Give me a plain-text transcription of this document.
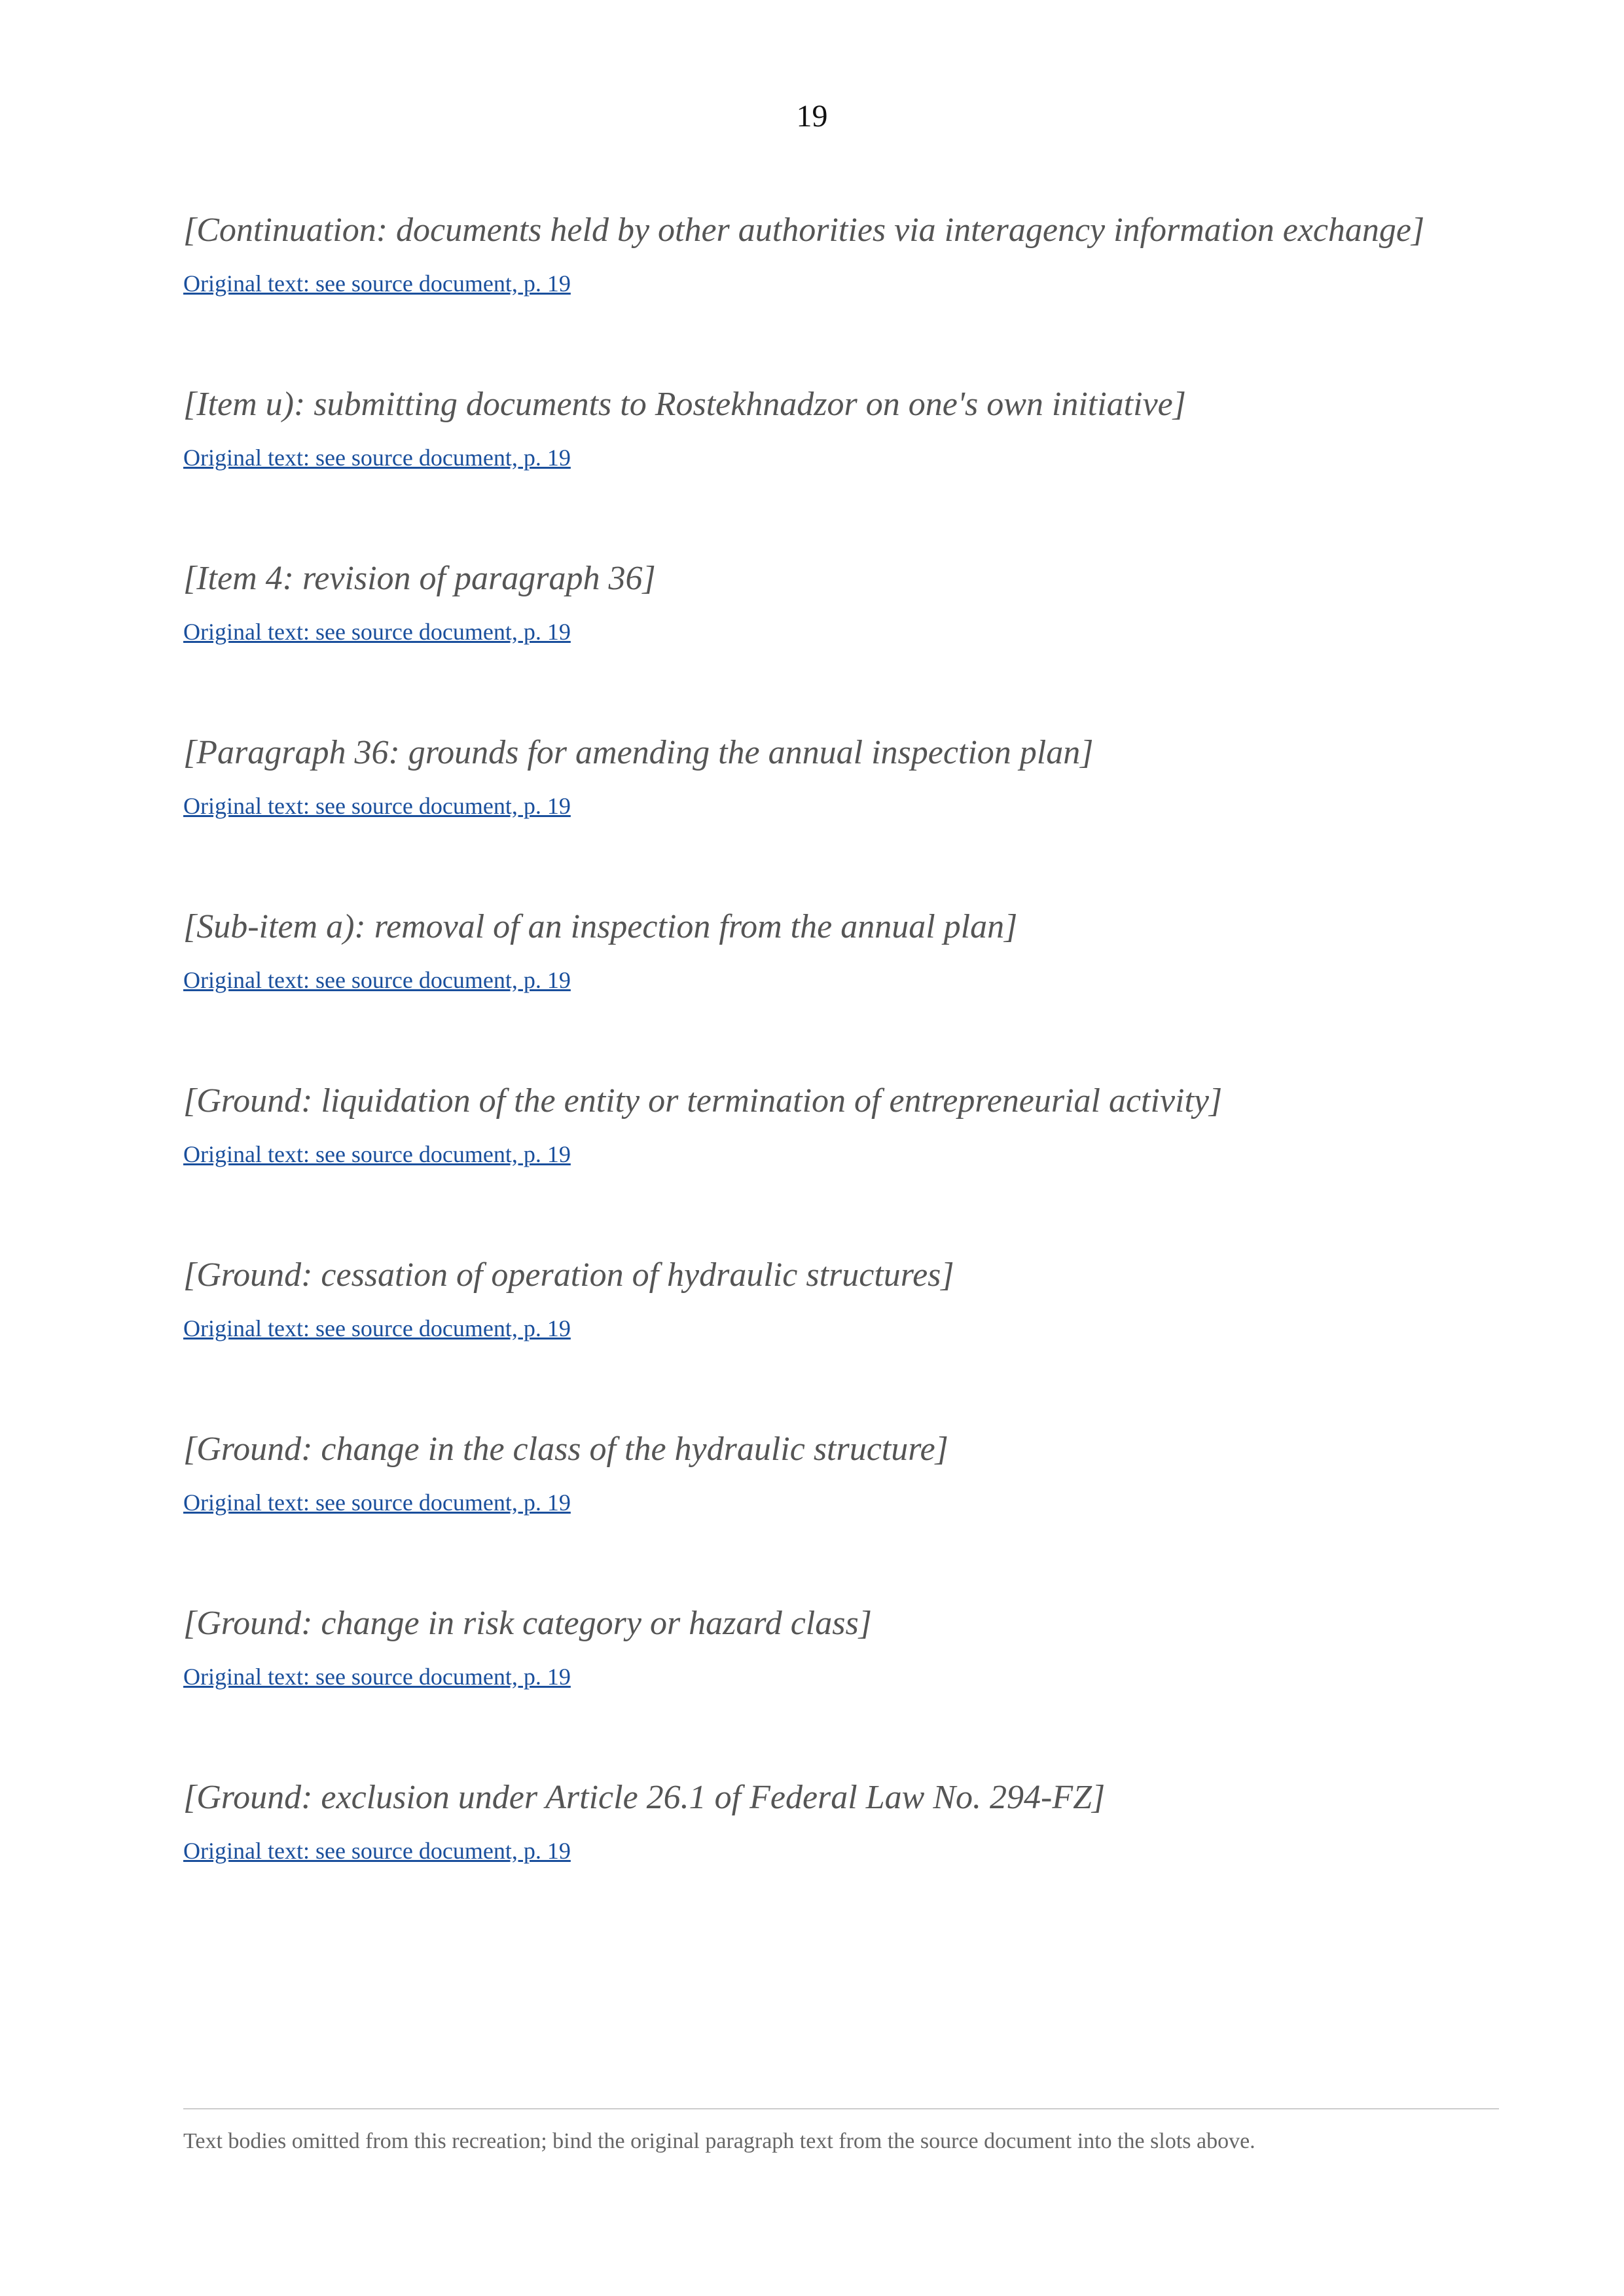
19
[Continuation: documents held by other authorities via interagency information exchange]
Original text: see source document, p. 19
[Item и): submitting documents to Rostekhnadzor on one's own initiative]
Original text: see source document, p. 19
[Item 4: revision of paragraph 36]
Original text: see source document, p. 19
[Paragraph 36: grounds for amending the annual inspection plan]
Original text: see source document, p. 19
[Sub-item а): removal of an inspection from the annual plan]
Original text: see source document, p. 19
[Ground: liquidation of the entity or termination of entrepreneurial activity]
Original text: see source document, p. 19
[Ground: cessation of operation of hydraulic structures]
Original text: see source document, p. 19
[Ground: change in the class of the hydraulic structure]
Original text: see source document, p. 19
[Ground: change in risk category or hazard class]
Original text: see source document, p. 19
[Ground: exclusion under Article 26.1 of Federal Law No. 294-FZ]
Original text: see source document, p. 19
Text bodies omitted from this recreation; bind the original paragraph text from the source document into the slots above.
